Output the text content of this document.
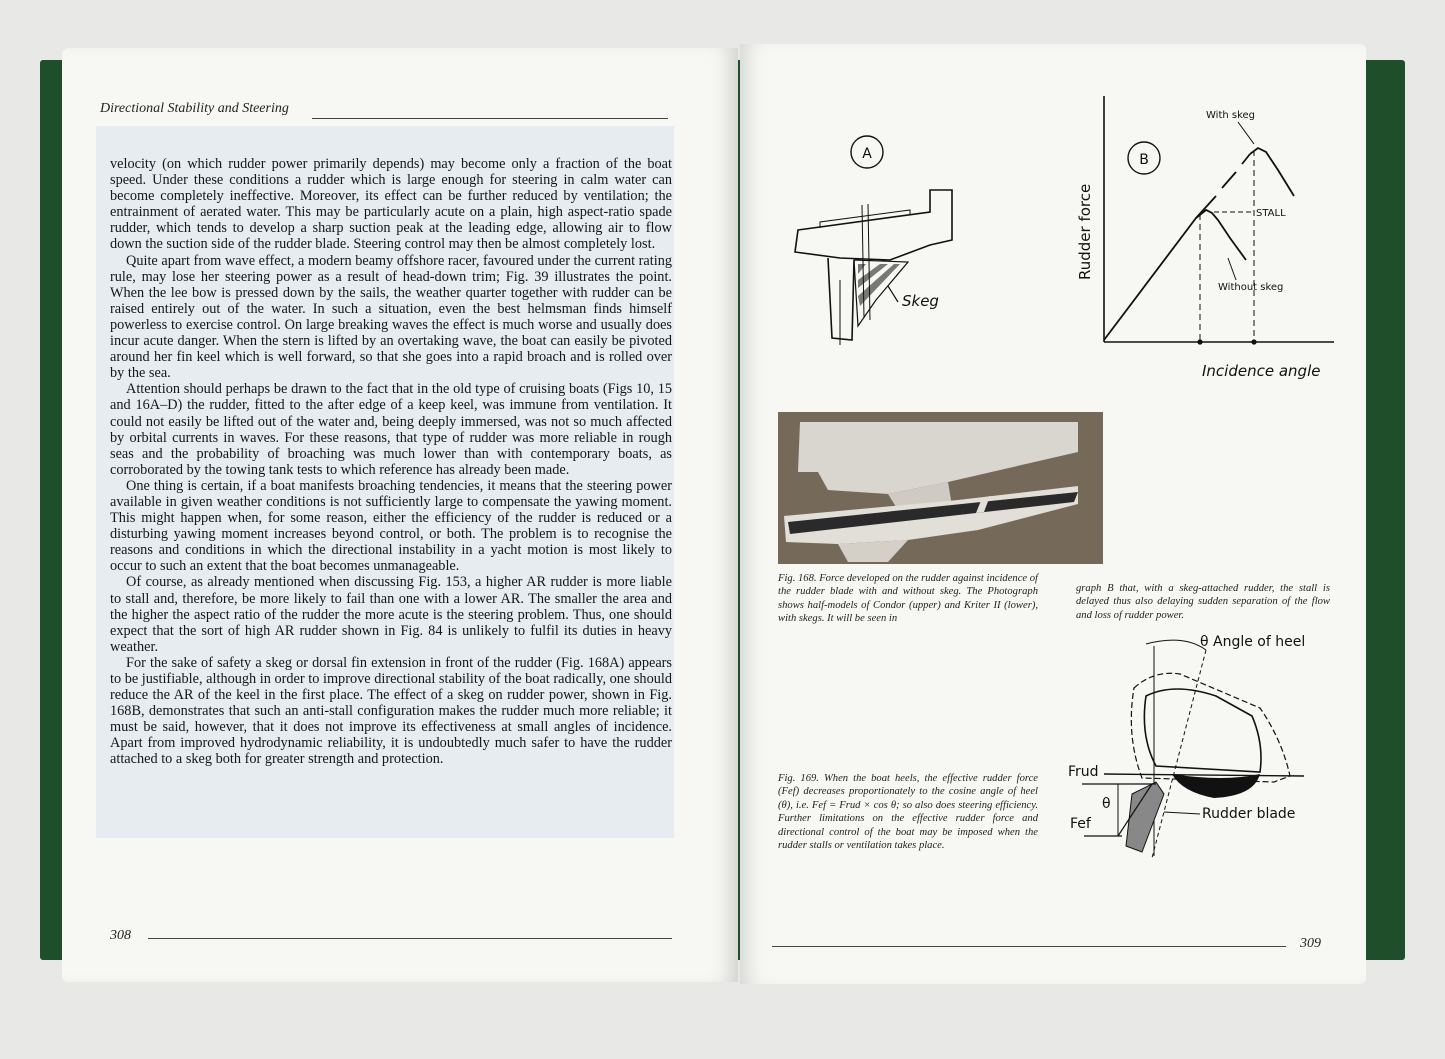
Directional Stability and Steering

velocity (on which rudder power primarily depends) may become only a fraction of the boat speed. Under these conditions a rudder which is large enough for steering in calm water can become completely ineffective. Moreover, its effect can be further reduced by ventilation; the entrainment of aerated water. This may be particularly acute on a plain, high aspect-ratio spade rudder, which tends to develop a sharp suction peak at the leading edge, allowing air to flow down the suction side of the rudder blade. Steering control may then be almost completely lost.

Quite apart from wave effect, a modern beamy offshore racer, favoured under the current rating rule, may lose her steering power as a result of head-down trim; Fig. 39 illustrates the point. When the lee bow is pressed down by the sails, the weather quarter together with rudder can be raised entirely out of the water. In such a situation, even the best helmsman finds himself powerless to exercise control. On large breaking waves the effect is much worse and usually does incur acute danger. When the stern is lifted by an overtaking wave, the boat can easily be pivoted around her fin keel which is well forward, so that she goes into a rapid broach and is rolled over by the sea.

Attention should perhaps be drawn to the fact that in the old type of cruising boats (Figs 10, 15 and 16A–D) the rudder, fitted to the after edge of a keep keel, was immune from ventilation. It could not easily be lifted out of the water and, being deeply immersed, was not so much affected by orbital currents in waves. For these reasons, that type of rudder was more reliable in rough seas and the probability of broaching was much lower than with contemporary boats, as corroborated by the towing tank tests to which reference has already been made.

One thing is certain, if a boat manifests broaching tendencies, it means that the steering power available in given weather conditions is not sufficiently large to compensate the yawing moment. This might happen when, for some reason, either the efficiency of the rudder is reduced or a disturbing yawing moment increases beyond control, or both. The problem is to recognise the reasons and conditions in which the directional instability in a yacht motion is most likely to occur to such an extent that the boat becomes unmanageable.

Of course, as already mentioned when discussing Fig. 153, a higher AR rudder is more liable to stall and, therefore, be more likely to fail than one with a lower AR. The smaller the area and the higher the aspect ratio of the rudder the more acute is the steering problem. Thus, one should expect that the sort of high AR rudder shown in Fig. 84 is unlikely to fulfil its duties in heavy weather.

For the sake of safety a skeg or dorsal fin extension in front of the rudder (Fig. 168A) appears to be justifiable, although in order to improve directional stability of the boat radically, one should reduce the AR of the keel in the first place. The effect of a skeg on rudder power, shown in Fig. 168B, demonstrates that such an anti-stall configuration makes the rudder much more reliable; it must be said, however, that it does not improve its effectiveness at small angles of incidence. Apart from improved hydrodynamic reliability, it is undoubtedly much safer to have the rudder attached to a skeg both for greater strength and protection.

308
A
Skeg
B
Rudder force
Incidence angle
STALL
With skeg
Without skeg
Fig. 168. Force developed on the rudder against incidence of the rudder blade with and without skeg. The Photograph shows half-models of Condor (upper) and Kriter II (lower), with skegs. It will be seen in
graph B that, with a skeg-attached rudder, the stall is delayed thus also delaying sudden separation of the flow and loss of rudder power.
θ Angle of heel
Frud
Fef
θ
Rudder blade
Fig. 169. When the boat heels, the effective rudder force (Fef) decreases proportionately to the cosine angle of heel (θ), i.e. Fef = Frud × cos θ; so also does steering efficiency. Further limitations on the effective rudder force and directional control of the boat may be imposed when the rudder stalls or ventilation takes place.
309
